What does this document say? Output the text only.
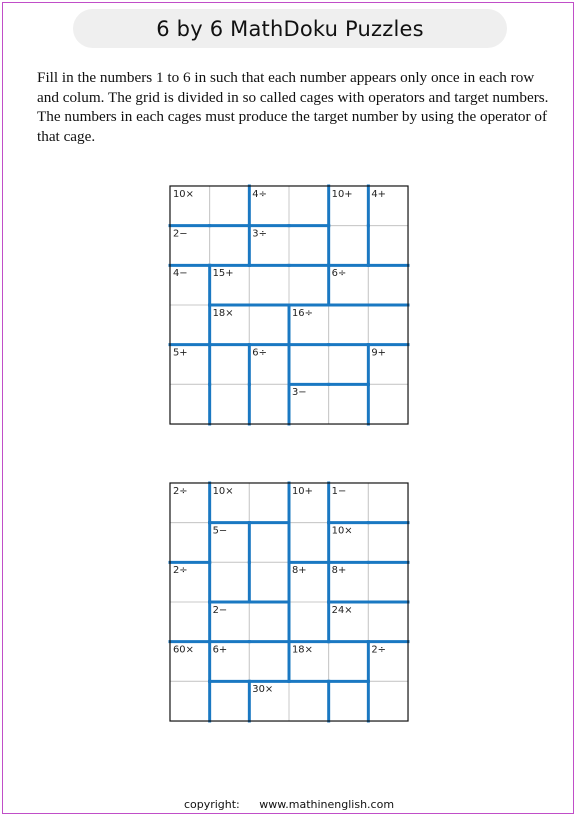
6 by 6 MathDoku Puzzles

Fill in the numbers 1 to 6 in such that each number appears only once in each row and colum. The grid is divided in so called cages with operators and target numbers. The numbers in each cages must produce the target number by using the operator of that cage.

10×	4÷	10+ 4+
2−	3÷
4−	15+	6÷
18×	16÷
5+	6÷	9+
3−
2÷	10×	10+ 1−
5−	10×
2÷	8+	8+
2−	24×
60× 6+	18×	2÷
30×
copyright: www.mathinenglish.com
